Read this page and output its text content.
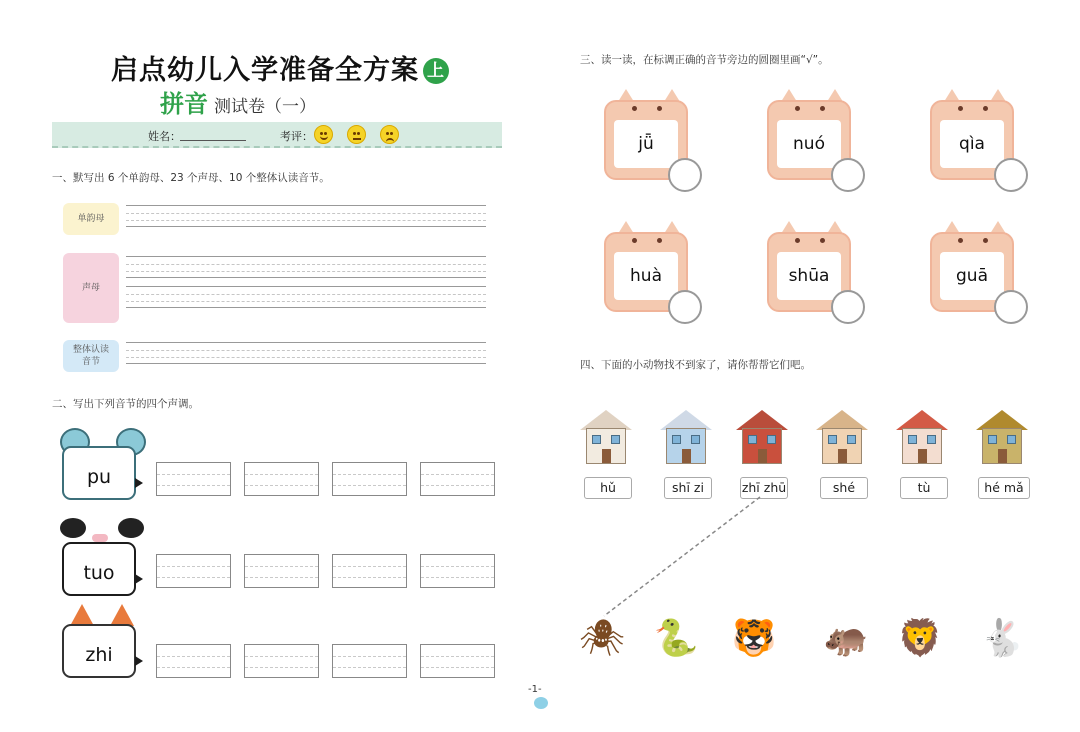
启点幼儿入学准备全方案 上
拼音 测试卷（一）
姓名：	考评：
一、默写出 6 个单韵母、23 个声母、10 个整体认读音节。
单韵母
声母
整体认读
音节
二、写出下列音节的四个声调。
pu
tuo
zhi
-1-
三、读一读，在标调正确的音节旁边的圆圈里画“√”。
jǖ	nuó	qìa
huà	shūa	guā
四、下面的小动物找不到家了，请你帮帮它们吧。
hǔ	shī zi	zhī zhū	shé	tù	hé mǎ
🕷 🐍 🐯 🦛 🦁 🐇
